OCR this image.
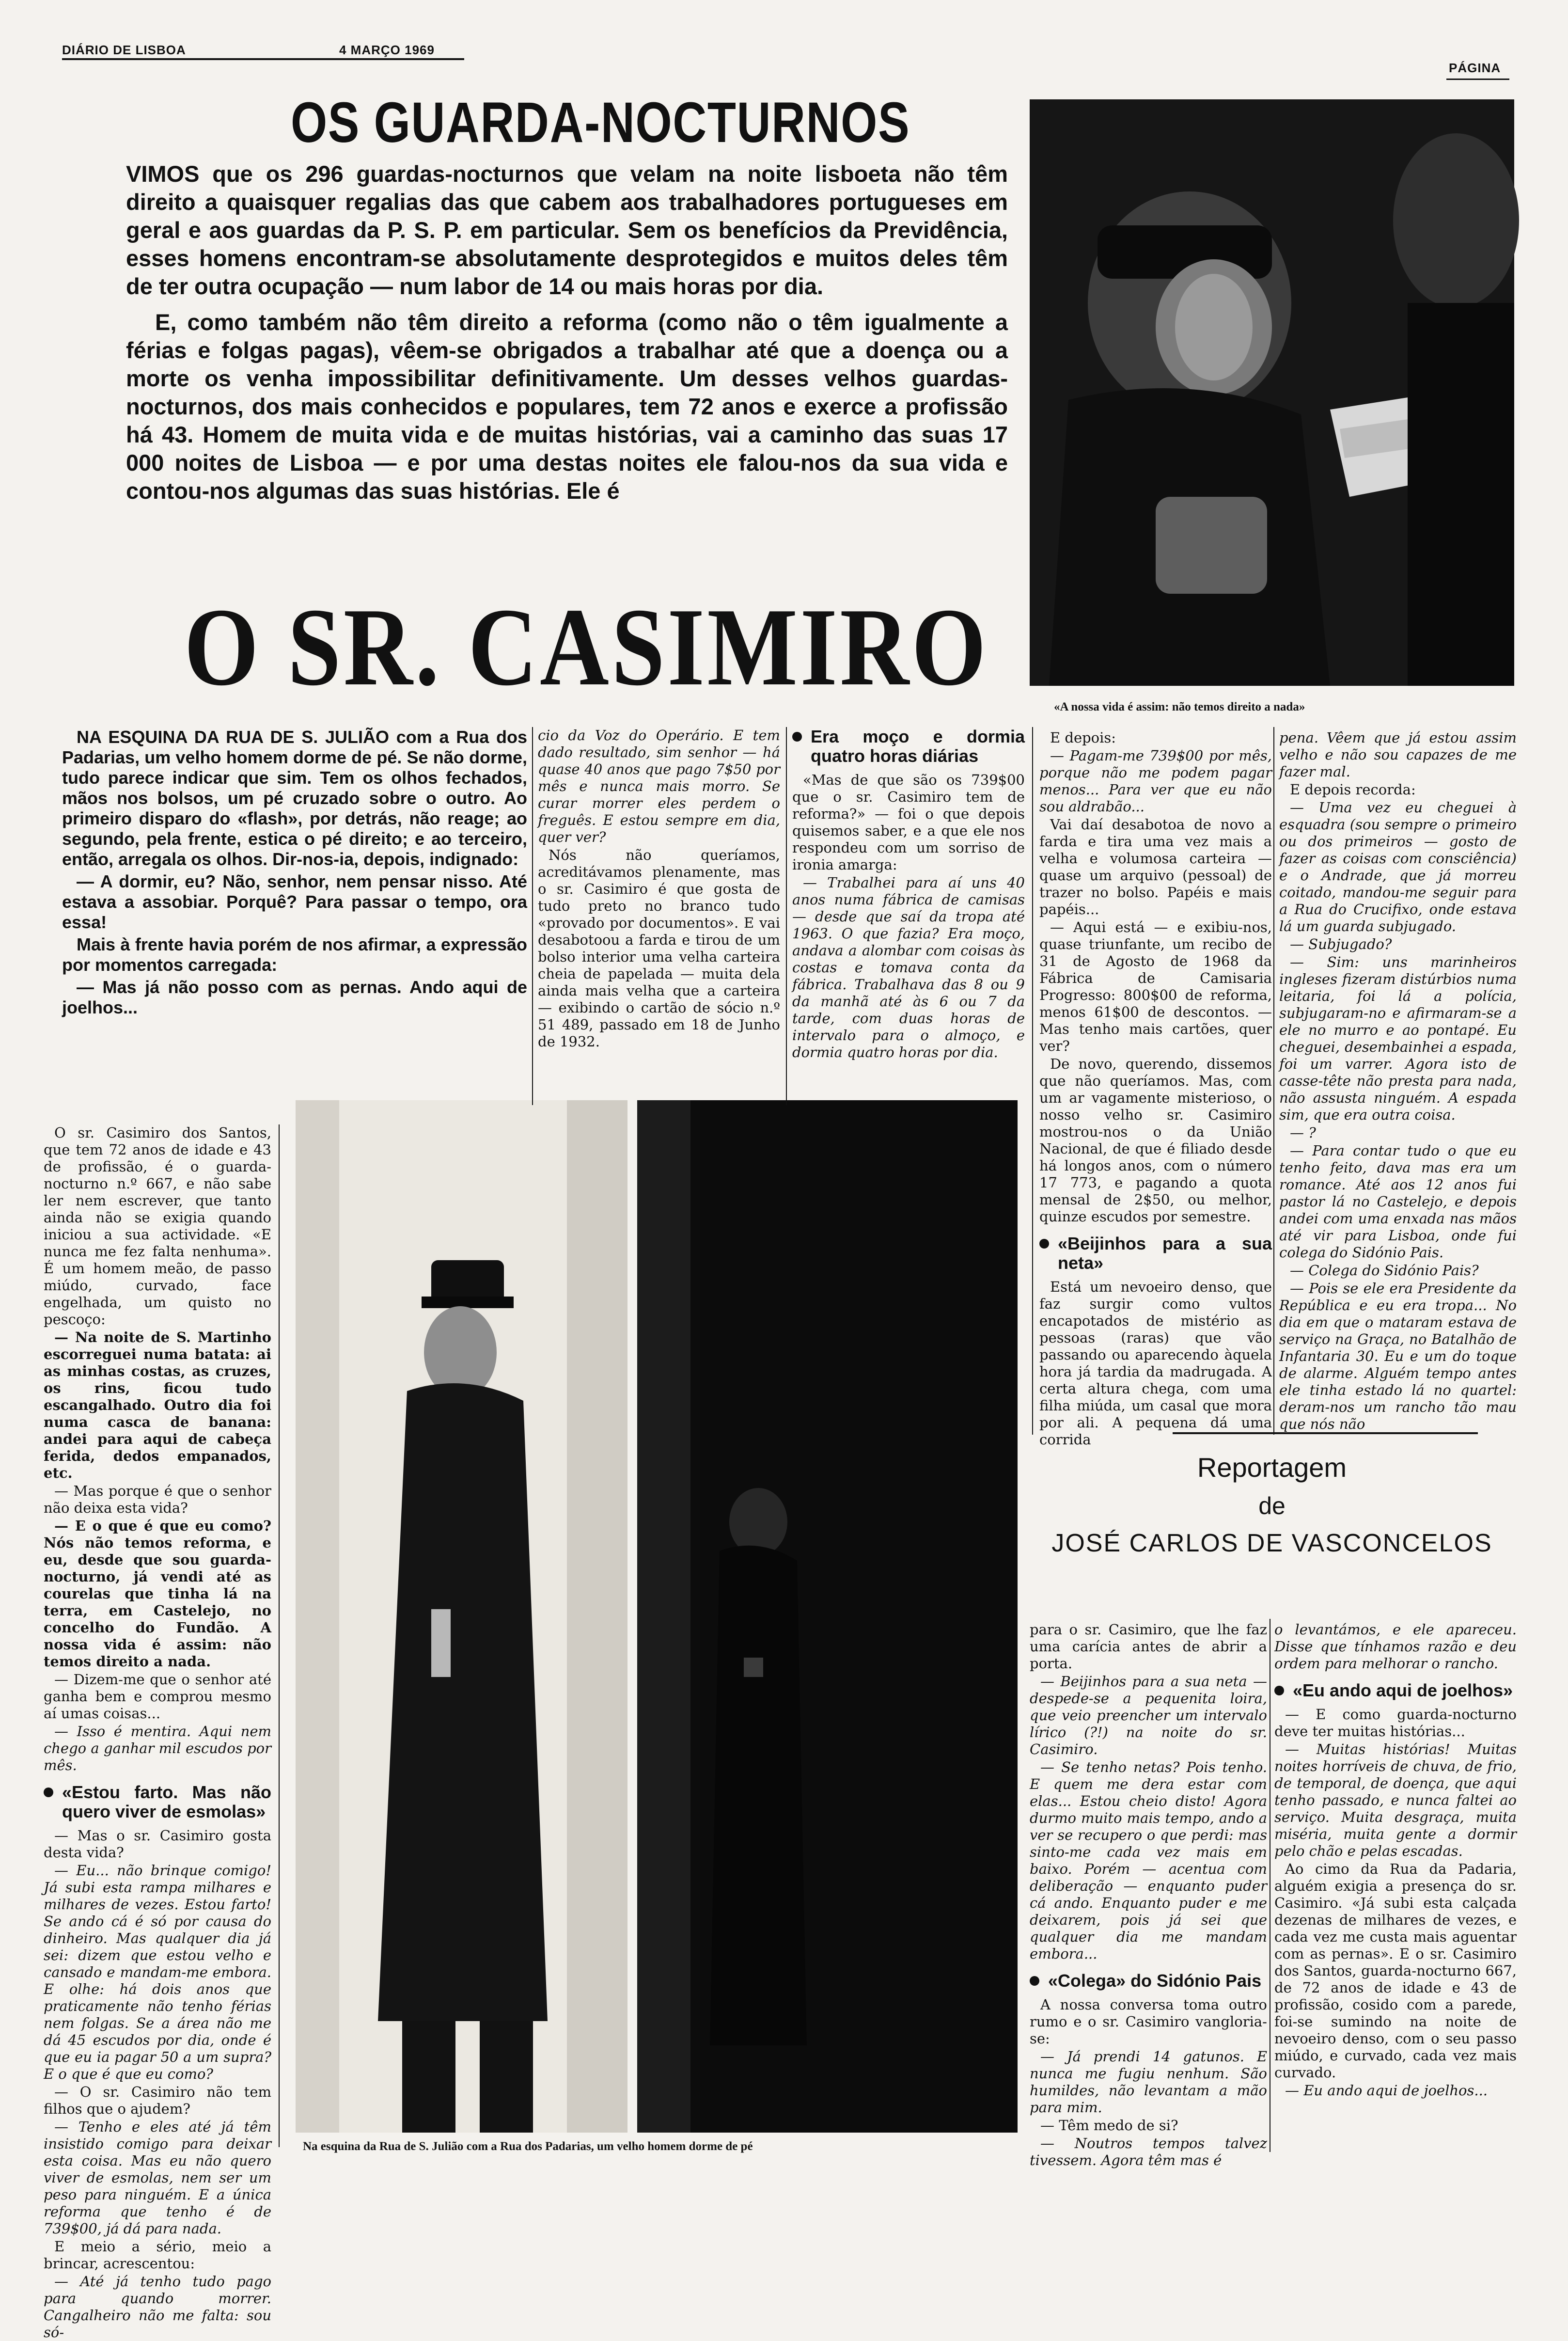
DIÁRIO DE LISBOA	4 MARÇO 1969
PÁGINA
OS GUARDA-NOCTURNOS

VIMOS que os 296 guardas-nocturnos que velam na noite lisboeta não têm direito a quaisquer regalias das que cabem aos trabalhadores portugueses em geral e aos guardas da P. S. P. em particular. Sem os benefícios da Previdência, esses homens encontram-se absolutamente desprotegidos e muitos deles têm de ter outra ocupação — num labor de 14 ou mais horas por dia.

E, como também não têm direito a reforma (como não o têm igualmente a férias e folgas pagas), vêem-se obrigados a trabalhar até que a doença ou a morte os venha impossibilitar definitivamente. Um desses velhos guardas-nocturnos, dos mais conhecidos e populares, tem 72 anos e exerce a profissão há 43. Homem de muita vida e de muitas histórias, vai a caminho das suas 17 000 noites de Lisboa — e por uma destas noites ele falou-nos da sua vida e contou-nos algumas das suas histórias. Ele é

«A nossa vida é assim: não temos direito a nada»
O SR. CASIMIRO

NA ESQUINA DA RUA DE S. JULIÃO com a Rua dos Padarias, um velho homem dorme de pé. Se não dorme, tudo parece indicar que sim. Tem os olhos fechados, mãos nos bolsos, um pé cruzado sobre o outro. Ao primeiro disparo do «flash», por detrás, não reage; ao segundo, pela frente, estica o pé direito; e ao terceiro, então, arregala os olhos. Dir-nos-ia, depois, indignado:

— A dormir, eu? Não, senhor, nem pensar nisso. Até estava a assobiar. Porquê? Para passar o tempo, ora essa!

Mais à frente havia porém de nos afirmar, a expressão por momentos carregada:

— Mas já não posso com as pernas. Ando aqui de joelhos...

cio da Voz do Operário. E tem dado resultado, sim senhor — há quase 40 anos que pago 7$50 por mês e nunca mais morro. Se curar morrer eles perdem o freguês. E estou sempre em dia, quer ver?

Nós não queríamos, acreditávamos plenamente, mas o sr. Casimiro é que gosta de tudo preto no branco tudo «provado por documentos». E vai desabotoou a farda e tirou de um bolso interior uma velha carteira cheia de papelada — muita dela ainda mais velha que a carteira — exibindo o cartão de sócio n.º 51 489, passado em 18 de Junho de 1932.

Era moço e dormia quatro horas diárias

«Mas de que são os 739$00 que o sr. Casimiro tem de reforma?» — foi o que depois quisemos saber, e a que ele nos respondeu com um sorriso de ironia amarga:

— Trabalhei para aí uns 40 anos numa fábrica de camisas — desde que saí da tropa até 1963. O que fazia? Era moço, andava a alombar com coisas às costas e tomava conta da fábrica. Trabalhava das 8 ou 9 da manhã até às 6 ou 7 da tarde, com duas horas de intervalo para o almoço, e dormia quatro horas por dia.

E depois:

— Pagam-me 739$00 por mês, porque não me podem pagar menos... Para ver que eu não sou aldrabão...

Vai daí desabotoa de novo a farda e tira uma vez mais a velha e volumosa carteira — quase um arquivo (pessoal) de trazer no bolso. Papéis e mais papéis...

— Aqui está — e exibiu-nos, quase triunfante, um recibo de 31 de Agosto de 1968 da Fábrica de Camisaria Progresso: 800$00 de reforma, menos 61$00 de descontos. — Mas tenho mais cartões, quer ver?

De novo, querendo, dissemos que não queríamos. Mas, com um ar vagamente misterioso, o nosso velho sr. Casimiro mostrou-nos o da União Nacional, de que é filiado desde há longos anos, com o número 17 773, e pagando a quota mensal de 2$50, ou melhor, quinze escudos por semestre.

«Beijinhos para a sua neta»

Está um nevoeiro denso, que faz surgir como vultos encapotados de mistério as pessoas (raras) que vão passando ou aparecendo àquela hora já tardia da madrugada. A certa altura chega, com uma filha miúda, um casal que mora por ali. A pequena dá uma corrida

pena. Vêem que já estou assim velho e não sou capazes de me fazer mal.

E depois recorda:

— Uma vez eu cheguei à esquadra (sou sempre o primeiro ou dos primeiros — gosto de fazer as coisas com consciência) e o Andrade, que já morreu coitado, mandou-me seguir para a Rua do Crucifixo, onde estava lá um guarda subjugado.

— Subjugado?

— Sim: uns marinheiros ingleses fizeram distúrbios numa leitaria, foi lá a polícia, subjugaram-no e afirmaram-se a ele no murro e ao pontapé. Eu cheguei, desembainhei a espada, foi um varrer. Agora isto de casse-tête não presta para nada, não assusta ninguém. A espada sim, que era outra coisa.

— ?

— Para contar tudo o que eu tenho feito, dava mas era um romance. Até aos 12 anos fui pastor lá no Castelejo, e depois andei com uma enxada nas mãos até vir para Lisboa, onde fui colega do Sidónio Pais.

— Colega do Sidónio Pais?

— Pois se ele era Presidente da República e eu era tropa... No dia em que o mataram estava de serviço na Graça, no Batalhão de Infantaria 30. Eu e um do toque de alarme. Alguém tempo antes ele tinha estado lá no quartel: deram-nos um rancho tão mau que nós não

Reportagem
de
JOSÉ CARLOS DE VASCONCELOS

O sr. Casimiro dos Santos, que tem 72 anos de idade e 43 de profissão, é o guarda-nocturno n.º 667, e não sabe ler nem escrever, que tanto ainda não se exigia quando iniciou a sua actividade. «E nunca me fez falta nenhuma». É um homem meão, de passo miúdo, curvado, face engelhada, um quisto no pescoço:

— Na noite de S. Martinho escorreguei numa batata: ai as minhas costas, as cruzes, os rins, ficou tudo escangalhado. Outro dia foi numa casca de banana: andei para aqui de cabeça ferida, dedos empanados, etc.

— Mas porque é que o senhor não deixa esta vida?

— E o que é que eu como? Nós não temos reforma, e eu, desde que sou guarda-nocturno, já vendi até as courelas que tinha lá na terra, em Castelejo, no concelho do Fundão. A nossa vida é assim: não temos direito a nada.

— Dizem-me que o senhor até ganha bem e comprou mesmo aí umas coisas...

— Isso é mentira. Aqui nem chego a ganhar mil escudos por mês.

«Estou farto. Mas não quero viver de esmolas»

— Mas o sr. Casimiro gosta desta vida?

— Eu... não brinque comigo! Já subi esta rampa milhares e milhares de vezes. Estou farto! Se ando cá é só por causa do dinheiro. Mas qualquer dia já sei: dizem que estou velho e cansado e mandam-me embora. E olhe: há dois anos que praticamente não tenho férias nem folgas. Se a área não me dá 45 escudos por dia, onde é que eu ia pagar 50 a um supra? E o que é que eu como?

— O sr. Casimiro não tem filhos que o ajudem?

— Tenho e eles até já têm insistido comigo para deixar esta coisa. Mas eu não quero viver de esmolas, nem ser um peso para ninguém. E a única reforma que tenho é de 739$00, já dá para nada.

E meio a sério, meio a brincar, acrescentou:

— Até já tenho tudo pago para quando morrer. Cangalheiro não me falta: sou só-

Na esquina da Rua de S. Julião com a Rua dos Padarias, um velho homem dorme de pé

para o sr. Casimiro, que lhe faz uma carícia antes de abrir a porta.

— Beijinhos para a sua neta — despede-se a pequenita loira, que veio preencher um intervalo lírico (?!) na noite do sr. Casimiro.

— Se tenho netas? Pois tenho. E quem me dera estar com elas... Estou cheio disto! Agora durmo muito mais tempo, ando a ver se recupero o que perdi: mas sinto-me cada vez mais em baixo. Porém — acentua com deliberação — enquanto puder cá ando. Enquanto puder e me deixarem, pois já sei que qualquer dia me mandam embora...

«Colega» do Sidónio Pais

A nossa conversa toma outro rumo e o sr. Casimiro vangloria-se:

— Já prendi 14 gatunos. E nunca me fugiu nenhum. São humildes, não levantam a mão para mim.

— Têm medo de si?

— Noutros tempos talvez tivessem. Agora têm mas é

o levantámos, e ele apareceu. Disse que tínhamos razão e deu ordem para melhorar o rancho.

«Eu ando aqui de joelhos»

— E como guarda-nocturno deve ter muitas histórias...

— Muitas histórias! Muitas noites horríveis de chuva, de frio, de temporal, de doença, que aqui tenho passado, e nunca faltei ao serviço. Muita desgraça, muita miséria, muita gente a dormir pelo chão e pelas escadas.

Ao cimo da Rua da Padaria, alguém exigia a presença do sr. Casimiro. «Já subi esta calçada dezenas de milhares de vezes, e cada vez me custa mais aguentar com as pernas». E o sr. Casimiro dos Santos, guarda-nocturno 667, de 72 anos de idade e 43 de profissão, cosido com a parede, foi-se sumindo na noite de nevoeiro denso, com o seu passo miúdo, e curvado, cada vez mais curvado.

— Eu ando aqui de joelhos...
